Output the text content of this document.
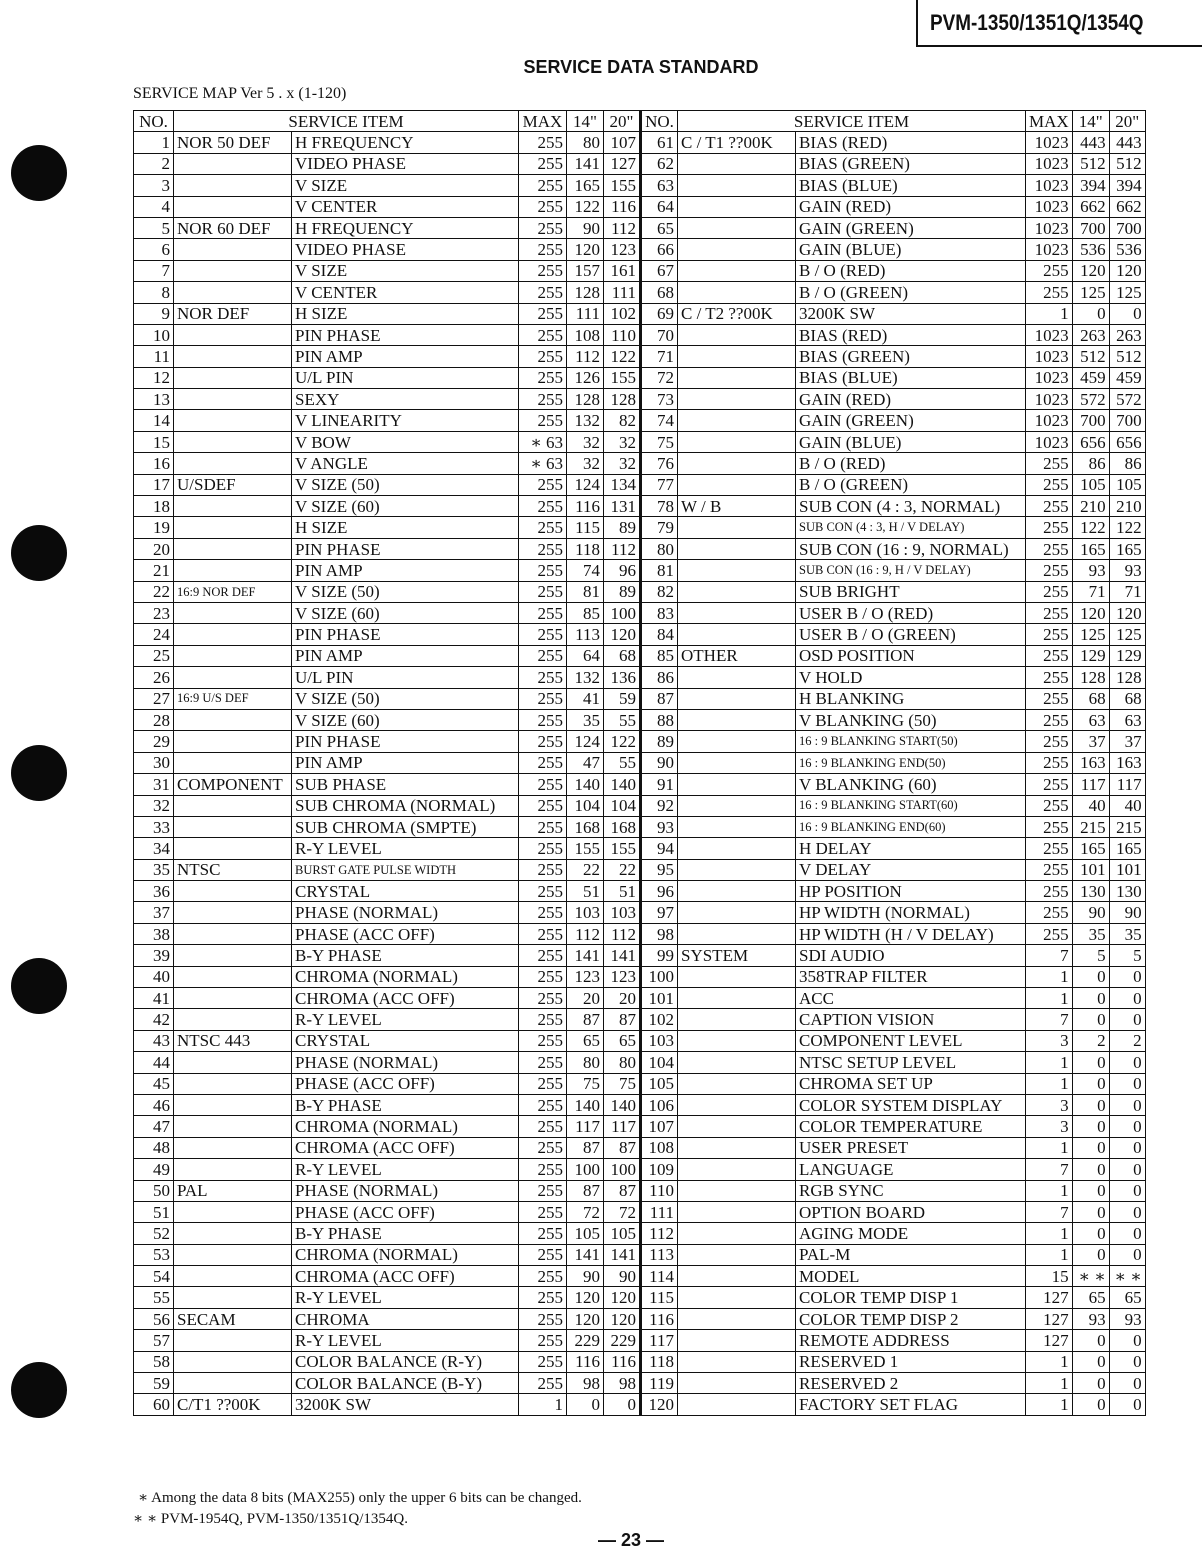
PVM-1350/1351Q/1354Q
SERVICE DATA STANDARD
SERVICE MAP Ver 5 . x (1-120)
NO.	SERVICE ITEM		MAX	14"	20"	NO.	SERVICE ITEM		MAX	14"	20"
1	NOR 50 DEF	H FREQUENCY	255	80	107	61	C / T1 ??00K	BIAS (RED)	1023	443	443
2		VIDEO PHASE	255	141	127	62		BIAS (GREEN)	1023	512	512
3		V SIZE	255	165	155	63		BIAS (BLUE)	1023	394	394
4		V CENTER	255	122	116	64		GAIN (RED)	1023	662	662
5	NOR 60 DEF	H FREQUENCY	255	90	112	65		GAIN (GREEN)	1023	700	700
6		VIDEO PHASE	255	120	123	66		GAIN (BLUE)	1023	536	536
7		V SIZE	255	157	161	67		B / O (RED)	255	120	120
8		V CENTER	255	128	111	68		B / O (GREEN)	255	125	125
9	NOR DEF	H SIZE	255	111	102	69	C / T2 ??00K	3200K SW	1	0	0
10		PIN PHASE	255	108	110	70		BIAS (RED)	1023	263	263
11		PIN AMP	255	112	122	71		BIAS (GREEN)	1023	512	512
12		U/L PIN	255	126	155	72		BIAS (BLUE)	1023	459	459
13		SEXY	255	128	128	73		GAIN (RED)	1023	572	572
14		V LINEARITY	255	132	82	74		GAIN (GREEN)	1023	700	700
15		V BOW	∗ 63	32	32	75		GAIN (BLUE)	1023	656	656
16		V ANGLE	∗ 63	32	32	76		B / O (RED)	255	86	86
17	U/SDEF	V SIZE (50)	255	124	134	77		B / O (GREEN)	255	105	105
18		V SIZE (60)	255	116	131	78	W / B	SUB CON (4 : 3, NORMAL)	255	210	210
19		H SIZE	255	115	89	79		SUB CON (4 : 3, H / V DELAY)	255	122	122
20		PIN PHASE	255	118	112	80		SUB CON (16 : 9, NORMAL)	255	165	165
21		PIN AMP	255	74	96	81		SUB CON (16 : 9, H / V DELAY)	255	93	93
22	16:9 NOR DEF	V SIZE (50)	255	81	89	82		SUB BRIGHT	255	71	71
23		V SIZE (60)	255	85	100	83		USER B / O (RED)	255	120	120
24		PIN PHASE	255	113	120	84		USER B / O (GREEN)	255	125	125
25		PIN AMP	255	64	68	85	OTHER	OSD POSITION	255	129	129
26		U/L PIN	255	132	136	86		V HOLD	255	128	128
27	16:9 U/S DEF	V SIZE (50)	255	41	59	87		H BLANKING	255	68	68
28		V SIZE (60)	255	35	55	88		V BLANKING (50)	255	63	63
29		PIN PHASE	255	124	122	89		16 : 9 BLANKING START(50)	255	37	37
30		PIN AMP	255	47	55	90		16 : 9 BLANKING END(50)	255	163	163
31	COMPONENT	SUB PHASE	255	140	140	91		V BLANKING (60)	255	117	117
32		SUB CHROMA (NORMAL)	255	104	104	92		16 : 9 BLANKING START(60)	255	40	40
33		SUB CHROMA (SMPTE)	255	168	168	93		16 : 9 BLANKING END(60)	255	215	215
34		R-Y LEVEL	255	155	155	94		H DELAY	255	165	165
35	NTSC	BURST GATE PULSE WIDTH	255	22	22	95		V DELAY	255	101	101
36		CRYSTAL	255	51	51	96		HP POSITION	255	130	130
37		PHASE (NORMAL)	255	103	103	97		HP WIDTH (NORMAL)	255	90	90
38		PHASE (ACC OFF)	255	112	112	98		HP WIDTH (H / V DELAY)	255	35	35
39		B-Y PHASE	255	141	141	99	SYSTEM	SDI AUDIO	7	5	5
40		CHROMA (NORMAL)	255	123	123	100		358TRAP FILTER	1	0	0
41		CHROMA (ACC OFF)	255	20	20	101		ACC	1	0	0
42		R-Y LEVEL	255	87	87	102		CAPTION VISION	7	0	0
43	NTSC 443	CRYSTAL	255	65	65	103		COMPONENT LEVEL	3	2	2
44		PHASE (NORMAL)	255	80	80	104		NTSC SETUP LEVEL	1	0	0
45		PHASE (ACC OFF)	255	75	75	105		CHROMA SET UP	1	0	0
46		B-Y PHASE	255	140	140	106		COLOR SYSTEM DISPLAY	3	0	0
47		CHROMA (NORMAL)	255	117	117	107		COLOR TEMPERATURE	3	0	0
48		CHROMA (ACC OFF)	255	87	87	108		USER PRESET	1	0	0
49		R-Y LEVEL	255	100	100	109		LANGUAGE	7	0	0
50	PAL	PHASE (NORMAL)	255	87	87	110		RGB SYNC	1	0	0
51		PHASE (ACC OFF)	255	72	72	111		OPTION BOARD	7	0	0
52		B-Y PHASE	255	105	105	112		AGING MODE	1	0	0
53		CHROMA (NORMAL)	255	141	141	113		PAL-M	1	0	0
54		CHROMA (ACC OFF)	255	90	90	114		MODEL	15	∗ ∗	∗ ∗
55		R-Y LEVEL	255	120	120	115		COLOR TEMP DISP 1	127	65	65
56	SECAM	CHROMA	255	120	120	116		COLOR TEMP DISP 2	127	93	93
57		R-Y LEVEL	255	229	229	117		REMOTE ADDRESS	127	0	0
58		COLOR BALANCE (R-Y)	255	116	116	118		RESERVED 1	1	0	0
59		COLOR BALANCE (B-Y)	255	98	98	119		RESERVED 2	1	0	0
60	C/T1 ??00K	3200K SW	1	0	0	120		FACTORY SET FLAG	1	0	0
∗ Among the data 8 bits (MAX255) only the upper 6 bits can be changed.
∗ ∗ PVM-1954Q, PVM-1350/1351Q/1354Q.
— 23 —
